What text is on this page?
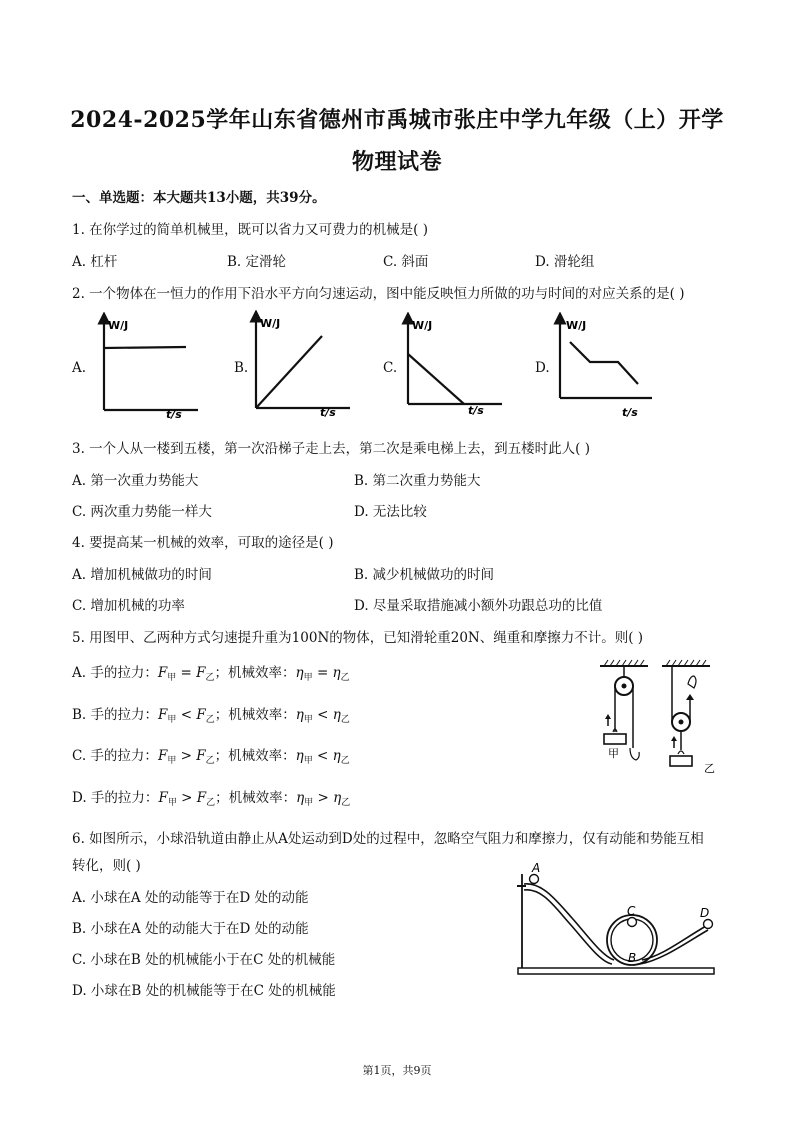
2024-2025学年山东省德州市禹城市张庄中学九年级（上）开学
物理试卷
一、单选题：本大题共13小题，共39分。
1. 在你学过的简单机械里，既可以省力又可费力的机械是( )
A. 杠杆	B. 定滑轮	C. 斜面	D. 滑轮组
2. 一个物体在一恒力的作用下沿水平方向匀速运动，图中能反映恒力所做的功与时间的对应关系的是( )
A.	B.	C.	D.
W/J
t/s
W/J
t/s
W/J
t/s
W/J
t/s
3. 一个人从一楼到五楼，第一次沿梯子走上去，第二次是乘电梯上去，到五楼时此人( )
A. 第一次重力势能大	B. 第二次重力势能大
C. 两次重力势能一样大	D. 无法比较
4. 要提高某一机械的效率，可取的途径是( )
A. 增加机械做功的时间	B. 减少机械做功的时间
C. 增加机械的功率	D. 尽量采取措施减小额外功跟总功的比值
5. 用图甲、乙两种方式匀速提升重为100N的物体，已知滑轮重20N、绳重和摩擦力不计。则( )
A. 手的拉力：$F_甲 = F_乙$；机械效率：$\eta_甲 = \eta_乙$
B. 手的拉力：$F_甲 < F_乙$；机械效率：$\eta_甲 < \eta_乙$
C. 手的拉力：$F_甲 > F_乙$；机械效率：$\eta_甲 < \eta_乙$
D. 手的拉力：$F_甲 > F_乙$；机械效率：$\eta_甲 > \eta_乙$
甲
乙
6. 如图所示，小球沿轨道由静止从A处运动到D处的过程中，忽略空气阻力和摩擦力，仅有动能和势能互相
转化，则( )
A. 小球在A 处的动能等于在D 处的动能
B. 小球在A 处的动能大于在D 处的动能
C. 小球在B 处的机械能小于在C 处的机械能
D. 小球在B 处的机械能等于在C 处的机械能
A
C
B
D
第1页，共9页
